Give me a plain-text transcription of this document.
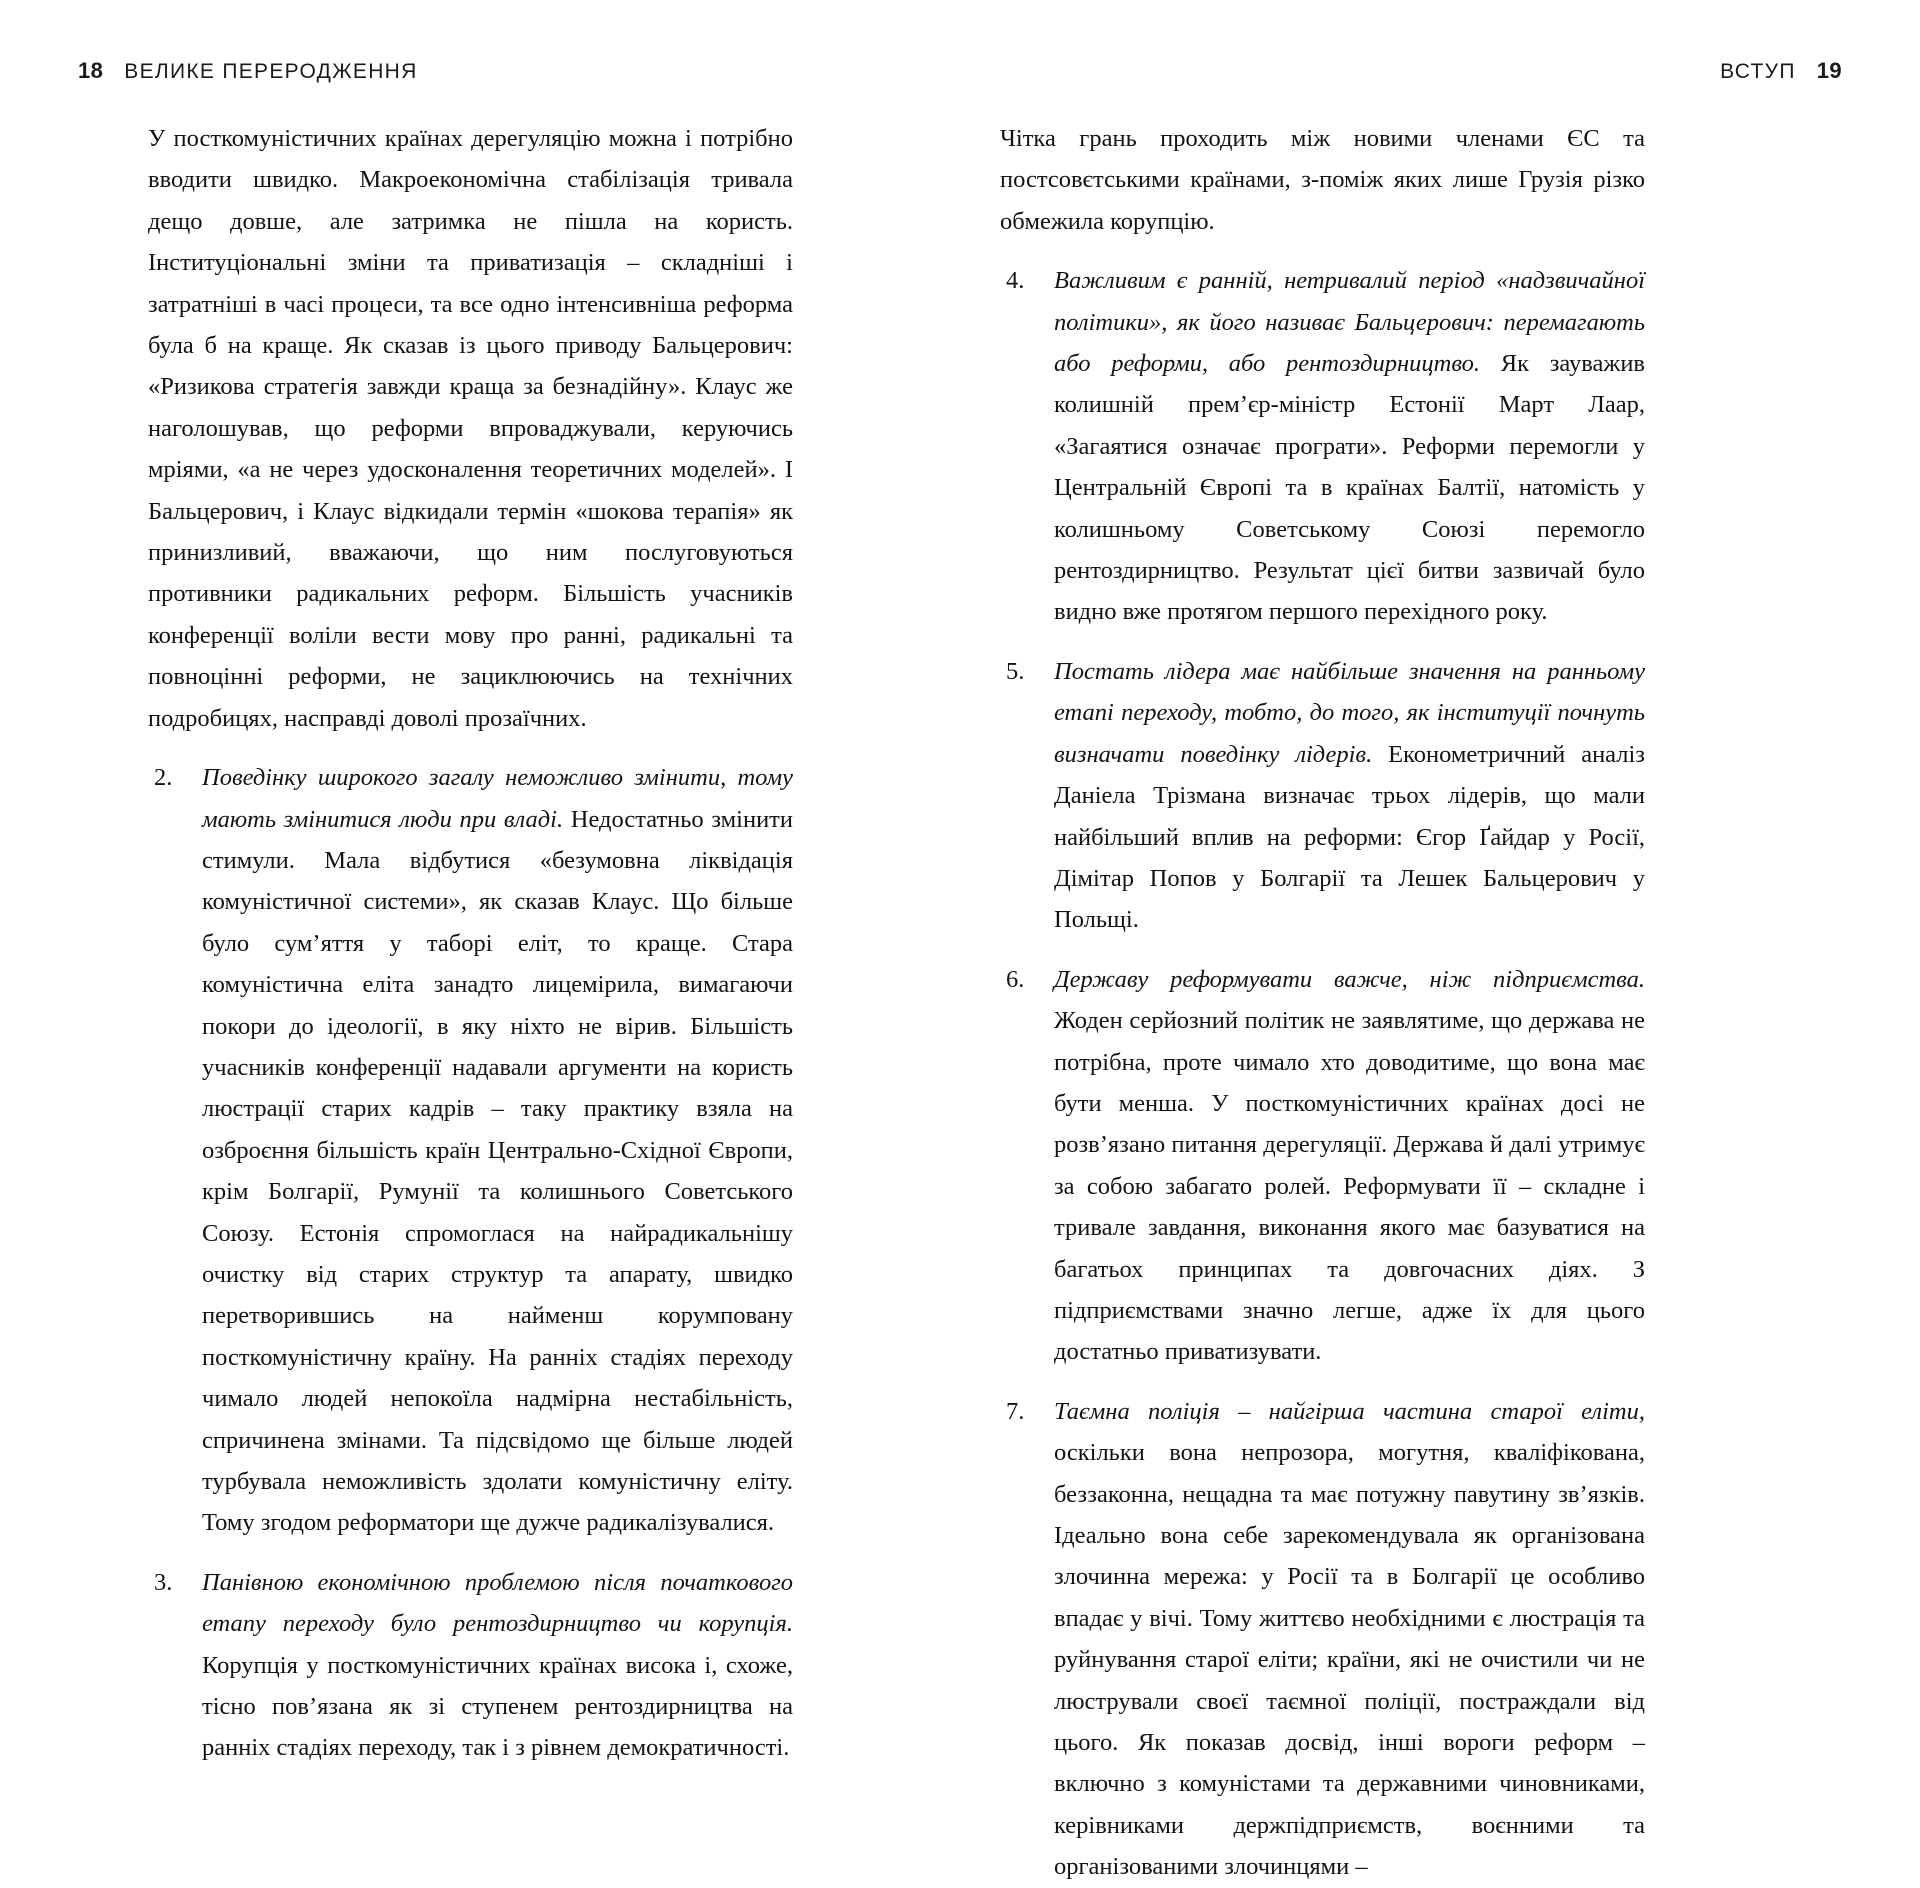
18 ВЕЛИКЕ ПЕРЕРОДЖЕННЯ	ВСТУП 19

У посткомуністичних країнах дерегуляцію можна і потрібно вводити швидко. Макроекономічна стабілізація тривала дещо довше, але затримка не пішла на користь. Інституціональні зміни та приватизація – складніші і затратніші в часі процеси, та все одно інтенсивніша реформа була б на краще. Як сказав із цього приводу Бальцерович: «Ризикова стратегія завжди краща за безнадійну». Клаус же наголошував, що реформи впроваджували, керуючись мріями, «а не через удосконалення теоретичних моделей». І Бальцерович, і Клаус відкидали термін «шокова терапія» як принизливий, вважаючи, що ним послуговуються противники радикальних реформ. Більшість учасників конференції воліли вести мову про ранні, радикальні та повноцінні реформи, не зациклюючись на технічних подробицях, насправді доволі прозаїчних.

2.	Поведінку широкого загалу неможливо змінити, тому мають змінитися люди при владі. Недостатньо змінити стимули. Мала відбутися «безумовна ліквідація комуністичної системи», як сказав Клаус. Що більше було сум’яття у таборі еліт, то краще. Стара комуністична еліта занадто лицемірила, вимагаючи покори до ідеології, в яку ніхто не вірив. Більшість учасників конференції надавали аргументи на користь люстрації старих кадрів – таку практику взяла на озброєння більшість країн Центрально-Східної Європи, крім Болгарії, Румунії та колишнього Советського Союзу. Естонія спромоглася на найрадикальнішу очистку від старих структур та апарату, швидко перетворившись на найменш корумповану посткомуністичну країну. На ранніх стадіях переходу чимало людей непокоїла надмірна нестабільність, спричинена змінами. Та підсвідомо ще більше людей турбувала неможливість здолати комуністичну еліту. Тому згодом реформатори ще дужче радикалізувалися.
3.	Панівною економічною проблемою після початкового етапу переходу було рентоздирництво чи корупція. Корупція у посткомуністичних країнах висока і, схоже, тісно пов’язана як зі ступенем рентоздирництва на ранніх стадіях переходу, так і з рівнем демократичності.

Чітка грань проходить між новими членами ЄС та постсовєтськими країнами, з-поміж яких лише Грузія різко обмежила корупцію.

4.	Важливим є ранній, нетривалий період «надзвичайної політики», як його називає Бальцерович: перемагають або реформи, або рентоздирництво. Як зауважив колишній прем’єр-міністр Естонії Март Лаар, «Загаятися означає програти». Реформи перемогли у Центральній Європі та в країнах Балтії, натомість у колишньому Советському Союзі перемогло рентоздирництво. Результат цієї битви зазвичай було видно вже протягом першого перехідного року.
5.	Постать лідера має найбільше значення на ранньому етапі переходу, тобто, до того, як інституції почнуть визначати поведінку лідерів. Економетричний аналіз Даніела Трізмана визначає трьох лідерів, що мали найбільший вплив на реформи: Єгор Ґайдар у Росії, Дімітар Попов у Болгарії та Лешек Бальцерович у Польщі.
6.	Державу реформувати важче, ніж підприємства. Жоден серйозний політик не заявлятиме, що держава не потрібна, проте чимало хто доводитиме, що вона має бути менша. У посткомуністичних країнах досі не розв’язано питання дерегуляції. Держава й далі утримує за собою забагато ролей. Реформувати її – складне і тривале завдання, виконання якого має базуватися на багатьох принципах та довгочасних діях. З підприємствами значно легше, адже їх для цього достатньо приватизувати.
7.	Таємна поліція – найгірша частина старої еліти, оскільки вона непрозора, могутня, кваліфікована, беззаконна, нещадна та має потужну павутину зв’язків. Ідеально вона себе зарекомендувала як організована злочинна мережа: у Росії та в Болгарії це особливо впадає у вічі. Тому життєво необхідними є люстрація та руйнування старої еліти; країни, які не очистили чи не люстрували своєї таємної поліції, постраждали від цього. Як показав досвід, інші вороги реформ – включно з комуністами та державними чиновниками, керівниками держпідприємств, воєнними та організованими злочинцями –
